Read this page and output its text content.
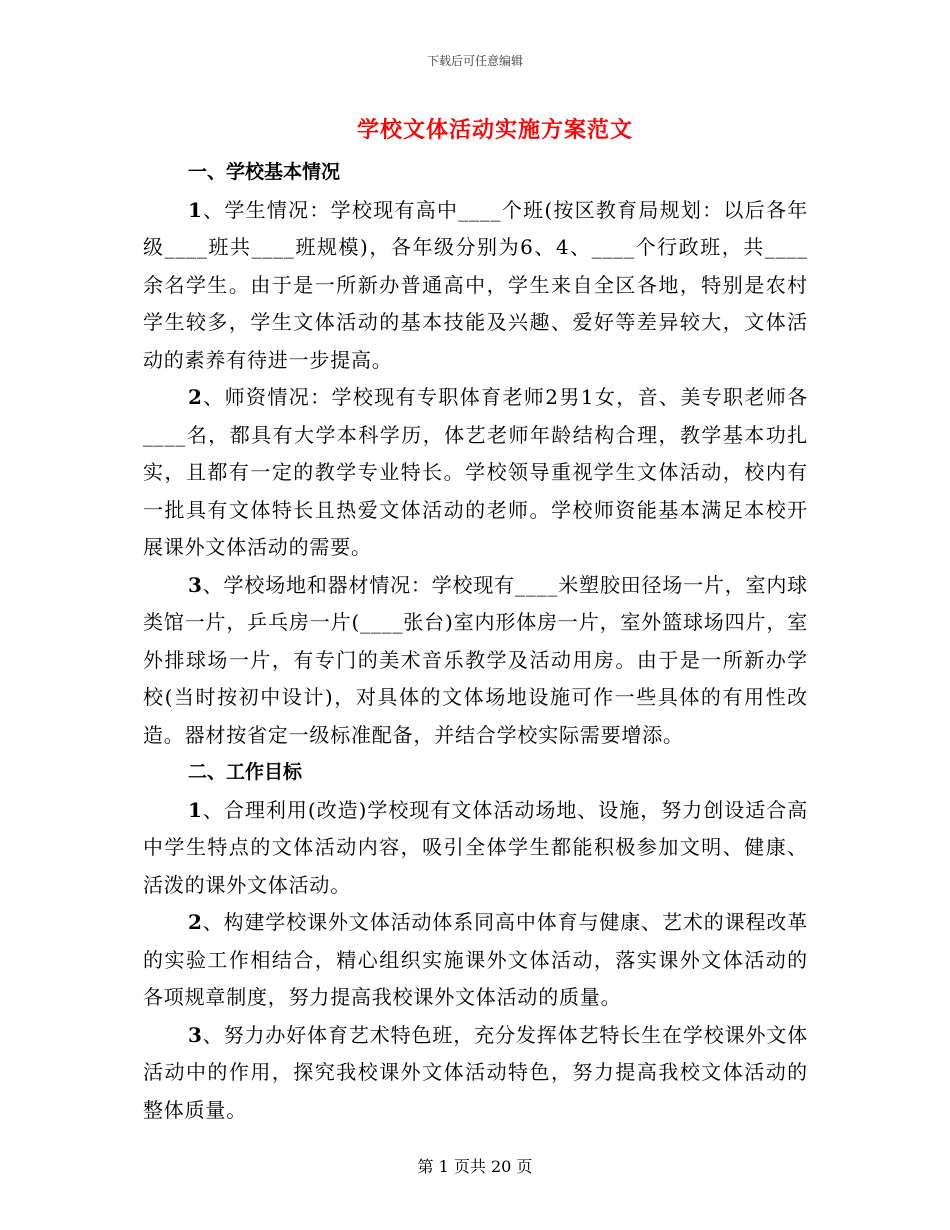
下载后可任意编辑
学校文体活动实施方案范文
一、学校基本情况

1、学生情况：学校现有高中____个班(按区教育局规划：以后各年级____班共____班规模)，各年级分别为6、4、____个行政班，共____余名学生。由于是一所新办普通高中，学生来自全区各地，特别是农村学生较多，学生文体活动的基本技能及兴趣、爱好等差异较大，文体活动的素养有待进一步提高。

2、师资情况：学校现有专职体育老师2男1女，音、美专职老师各____名，都具有大学本科学历，体艺老师年龄结构合理，教学基本功扎实，且都有一定的教学专业特长。学校领导重视学生文体活动，校内有一批具有文体特长且热爱文体活动的老师。学校师资能基本满足本校开展课外文体活动的需要。

3、学校场地和器材情况：学校现有____米塑胶田径场一片，室内球类馆一片，乒乓房一片(____张台)室内形体房一片，室外篮球场四片，室外排球场一片，有专门的美术音乐教学及活动用房。由于是一所新办学校(当时按初中设计)，对具体的文体场地设施可作一些具体的有用性改造。器材按省定一级标准配备，并结合学校实际需要增添。

二、工作目标

1、合理利用(改造)学校现有文体活动场地、设施，努力创设适合高中学生特点的文体活动内容，吸引全体学生都能积极参加文明、健康、活泼的课外文体活动。

2、构建学校课外文体活动体系同高中体育与健康、艺术的课程改革的实验工作相结合，精心组织实施课外文体活动，落实课外文体活动的各项规章制度，努力提高我校课外文体活动的质量。

3、努力办好体育艺术特色班，充分发挥体艺特长生在学校课外文体活动中的作用，探究我校课外文体活动特色，努力提高我校文体活动的整体质量。

第 1 页共 20 页
